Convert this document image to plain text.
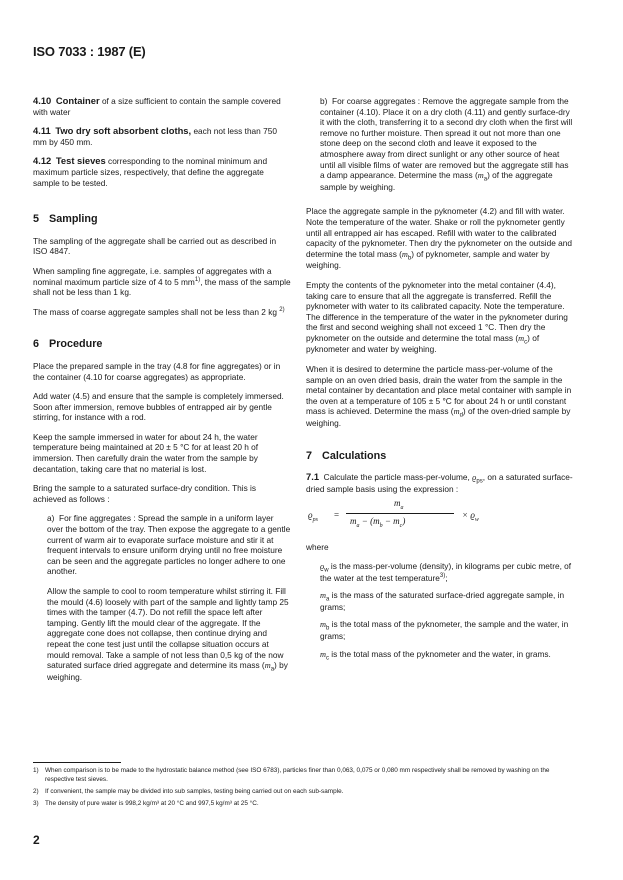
ISO 7033 : 1987 (E)

4.10 Container of a size sufficient to contain the sample covered with water

4.11 Two dry soft absorbent cloths, each not less than 750 mm by 450 mm.

4.12 Test sieves corresponding to the nominal minimum and maximum particle sizes, respectively, that define the aggregate sample to be tested.

5 Sampling

The sampling of the aggregate shall be carried out as described in ISO 4847.

When sampling fine aggregate, i.e. samples of aggregates with a nominal maximum particle size of 4 to 5 $mm^{1)}$, the mass of the sample shall not be less than 1 kg.

The mass of coarse aggregate samples shall not be less than 2 kg $^{2)}$

6 Procedure

Place the prepared sample in the tray (4.8 for fine aggregates) or in the container (4.10 for coarse aggregates) as appropriate.

Add water (4.5) and ensure that the sample is completely immersed. Soon after immersion, remove bubbles of entrapped air by gentle stirring, for instance with a rod.

Keep the sample immersed in water for about 24 h, the water temperature being maintained at 20 ± 5 °C for at least 20 h of immersion. Then carefully drain the water from the sample by decantation, taking care that no material is lost.

Bring the sample to a saturated surface-dry condition. This is achieved as follows :

a) For fine aggregates : Spread the sample in a uniform layer over the bottom of the tray. Then expose the aggregate to a gentle current of warm air to evaporate surface moisture and stir it at frequent intervals to ensure uniform drying until no free moisture can be seen and the aggregate particles no longer adhere to one another.

Allow the sample to cool to room temperature whilst stirring it. Fill the mould (4.6) loosely with part of the sample and lightly tamp 25 times with the tamper (4.7). Do not refill the space left after tamping. Gently lift the mould clear of the aggregate. If the aggregate cone does not collapse, then continue drying and repeat the cone test just until the collapse situation occurs at mould removal. Take a sample of not less than 0,5 kg of the now saturated surface dried aggregate and determine its mass $(m_a)$ by weighing.

b) For coarse aggregates : Remove the aggregate sample from the container (4.10). Place it on a dry cloth (4.11) and gently surface-dry it with the cloth, transferring it to a second dry cloth when the first will remove no further moisture. Then spread it out not more than one stone deep on the second cloth and leave it exposed to the atmosphere away from direct sunlight or any other source of heat until all visible films of water are removed but the aggregate still has a damp appearance. Determine the mass $(m_a)$ of the aggregate sample by weighing.

Place the aggregate sample in the pyknometer (4.2) and fill with water. Note the temperature of the water. Shake or roll the pyknometer gently until all entrapped air has escaped. Refill with water to the calibrated capacity of the pyknometer. Then dry the pyknometer on the outside and determine the total mass $(m_b)$ of pyknometer, sample and water by weighing.

Empty the contents of the pyknometer into the metal container (4.4), taking care to ensure that all the aggregate is transferred. Refill the pyknometer with water to its calibrated capacity. Note the temperature. The difference in the temperature of the water in the pyknometer during the first and second weighing shall not exceed 1 °C. Then dry the pyknometer on the outside and determine the total mass $(m_c)$ of pyknometer and water by weighing.

When it is desired to determine the particle mass-per-volume of the sample on an oven dried basis, drain the water from the sample in the metal container by decantation and place metal container with sample in the oven at a temperature of 105 ± 5 °C for about 24 h or until constant mass is achieved. Determine the mass $(m_d)$ of the oven-dried sample by weighing.

7 Calculations

7.1 Calculate the particle mass-per-volume, $ϱ_{ps}$, on a saturated surface-dried sample basis using the expression :

$ϱ_{ps}$ =
$m_a$
$m_a - (m_b - m_c)$
× $ϱ_w$

where

$ϱ_w$ is the mass-per-volume (density), in kilograms per cubic metre, of the water at the test temperature$^{3)}$;

$m_a$ is the mass of the saturated surface-dried aggregate sample, in grams;

$m_b$ is the total mass of the pyknometer, the sample and the water, in grams;

$m_c$ is the total mass of the pyknometer and the water, in grams.

1) When comparison is to be made to the hydrostatic balance method (see ISO 6783), particles finer than 0,063, 0,075 or 0,080 mm respectively shall be removed by washing on the respective test sieves.
2) If convenient, the sample may be divided into sub samples, testing being carried out on each sub-sample.
3) The density of pure water is 998,2 kg/m³ at 20 °C and 997,5 kg/m³ at 25 °C.
2
